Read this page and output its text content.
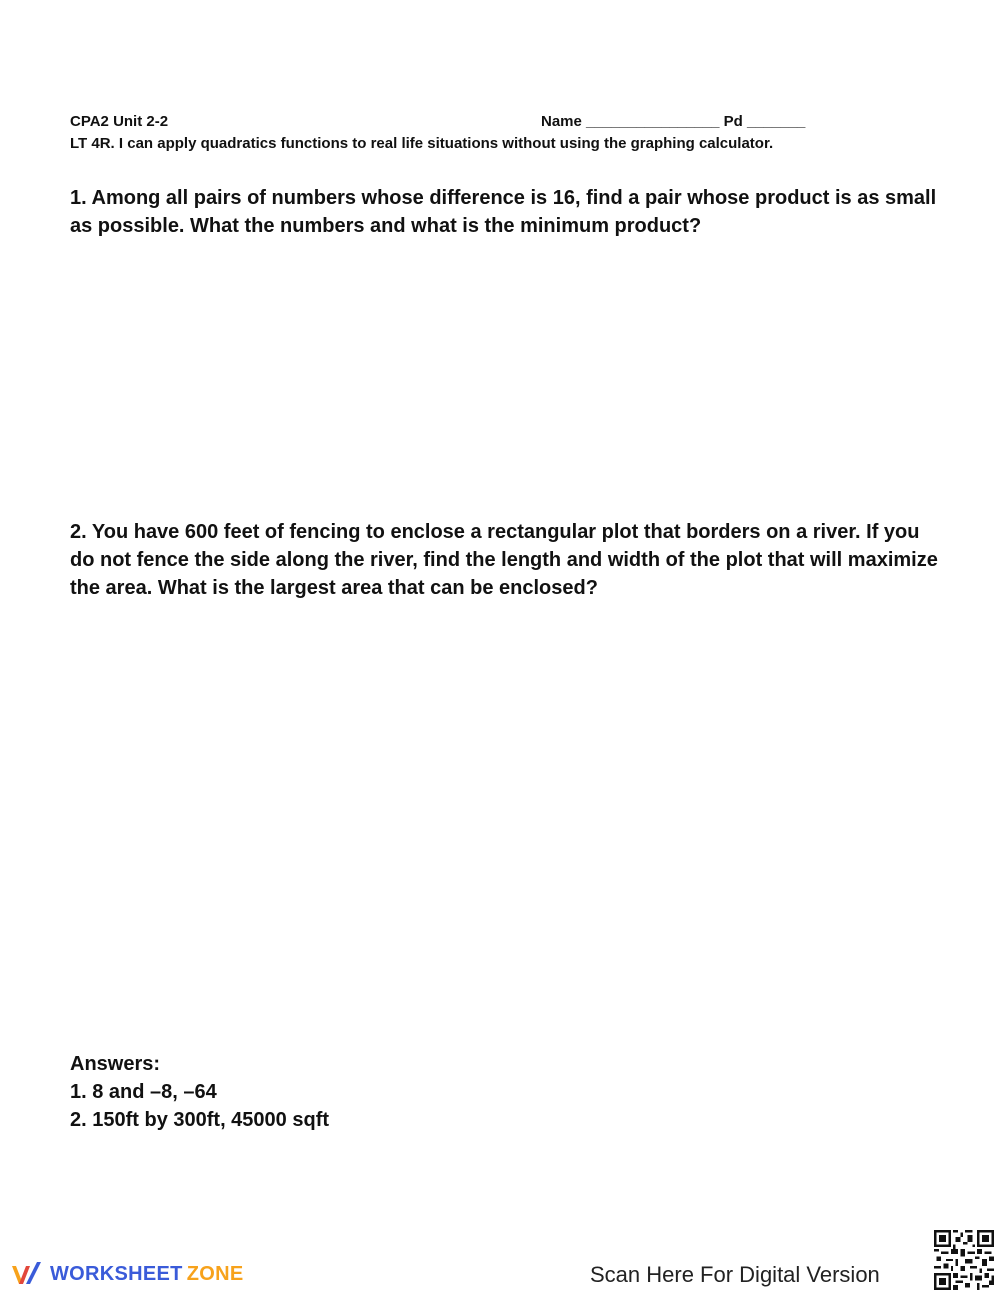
CPA2 Unit 2-2	Name ________________ Pd _______
LT 4R. I can apply quadratics functions to real life situations without using the graphing calculator.
1. Among all pairs of numbers whose difference is 16, find a pair whose product is as small as possible. What the numbers and what is the minimum product?
2. You have 600 feet of fencing to enclose a rectangular plot that borders on a river. If you do not fence the side along the river, find the length and width of the plot that will maximize the area. What is the largest area that can be enclosed?
Answers:
1. 8 and –8, –64
2. 150ft by 300ft, 45000 sqft
WORKSHEET ZONE	Scan Here For Digital Version
